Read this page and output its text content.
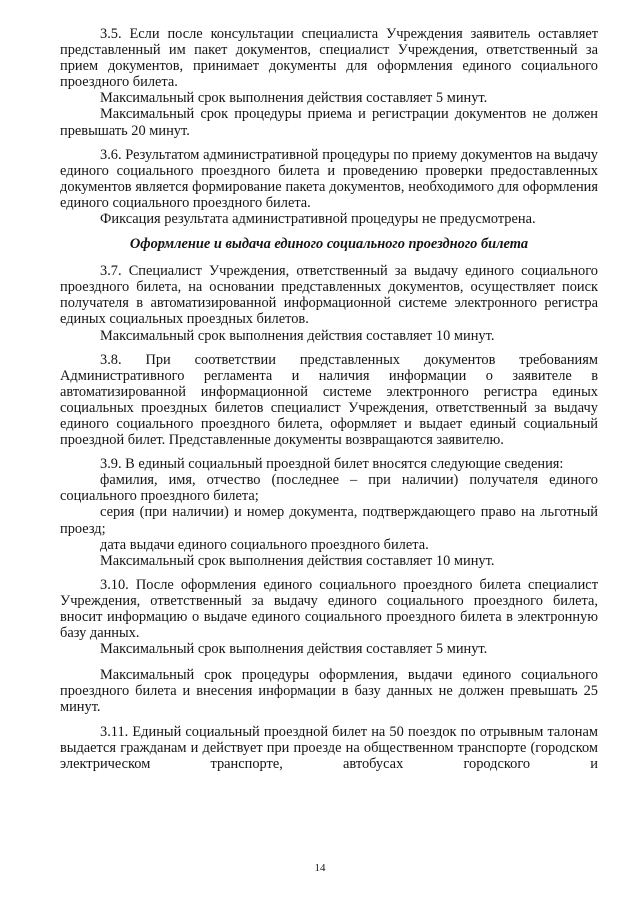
3.5. Если после консультации специалиста Учреждения заявитель оставляет представленный им пакет документов, специалист Учреждения, ответственный за прием документов, принимает документы для оформления единого социального проездного билета.

Максимальный срок выполнения действия составляет 5 минут.

Максимальный срок процедуры приема и регистрации документов не должен превышать 20 минут.

3.6. Результатом административной процедуры по приему документов на выдачу единого социального проездного билета и проведению проверки предоставленных документов является формирование пакета документов, необходимого для оформления единого социального проездного билета.

Фиксация результата административной процедуры не предусмотрена.

Оформление и выдача единого социального проездного билета

3.7. Специалист Учреждения, ответственный за выдачу единого социального проездного билета, на основании представленных документов, осуществляет поиск получателя в автоматизированной информационной системе электронного регистра единых социальных проездных билетов.

Максимальный срок выполнения действия составляет 10 минут.

3.8. При соответствии представленных документов требованиям Административного регламента и наличия информации о заявителе в автоматизированной информационной системе электронного регистра единых социальных проездных билетов специалист Учреждения, ответственный за выдачу единого социального проездного билета, оформляет и выдает единый социальный проездной билет. Представленные документы возвращаются заявителю.

3.9. В единый социальный проездной билет вносятся следующие сведения:

фамилия, имя, отчество (последнее – при наличии) получателя единого социального проездного билета;

серия (при наличии) и номер документа, подтверждающего право на льготный проезд;

дата выдачи единого социального проездного билета.

Максимальный срок выполнения действия составляет 10 минут.

3.10. После оформления единого социального проездного билета специалист Учреждения, ответственный за выдачу единого социального проездного билета, вносит информацию о выдаче единого социального проездного билета в электронную базу данных.

Максимальный срок выполнения действия составляет 5 минут.

Максимальный срок процедуры оформления, выдачи единого социального проездного билета и внесения информации в базу данных не должен превышать 25 минут.

3.11. Единый социальный проездной билет на 50 поездок по отрывным талонам выдается гражданам и действует при проезде на общественном транспорте (городском электрическом транспорте, автобусах городского и

14
